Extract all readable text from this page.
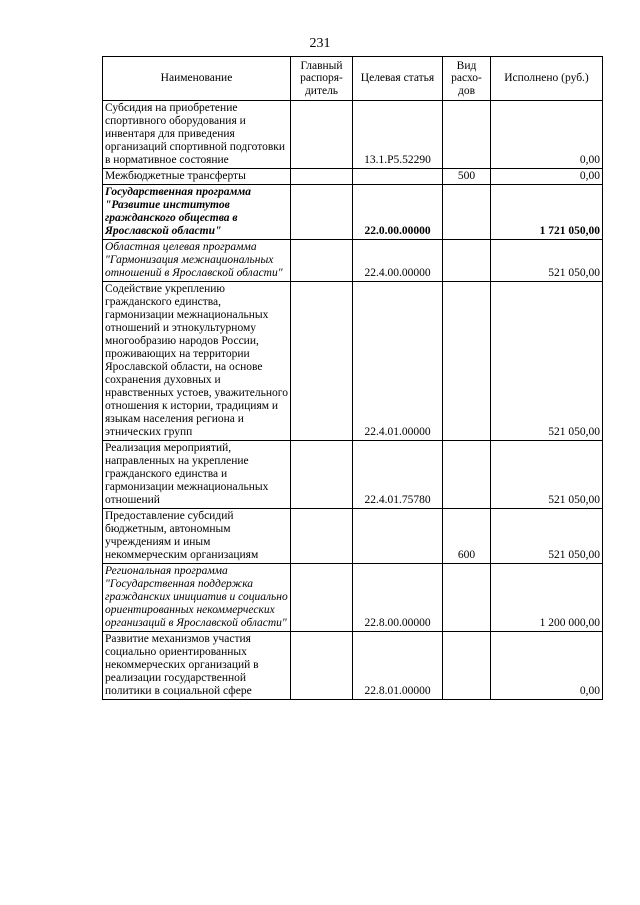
231
Наименование	Главный распоря-дитель	Целевая статья	Вид расхо-дов	Исполнено (руб.)
Субсидия на приобретение спортивного оборудования и инвентаря для приведения организаций спортивной подготовки в нормативное состояние		13.1.P5.52290		0,00
Межбюджетные трансферты			500	0,00
Государственная программа "Развитие институтов гражданского общества в Ярославской области"		22.0.00.00000		1 721 050,00
Областная целевая программа "Гармонизация межнациональных отношений в Ярославской области"		22.4.00.00000		521 050,00
Содействие укреплению гражданского единства, гармонизации межнациональных отношений и этнокультурному многообразию народов России, проживающих на территории Ярославской области, на основе сохранения духовных и нравственных устоев, уважительного отношения к истории, традициям и языкам населения региона и этнических групп		22.4.01.00000		521 050,00
Реализация мероприятий, направленных на укрепление гражданского единства и гармонизации межнациональных отношений		22.4.01.75780		521 050,00
Предоставление субсидий бюджетным, автономным учреждениям и иным некоммерческим организациям			600	521 050,00
Региональная программа "Государственная поддержка гражданских инициатив и социально ориентированных некоммерческих организаций в Ярославской области"		22.8.00.00000		1 200 000,00
Развитие механизмов участия социально ориентированных некоммерческих организаций в реализации государственной политики в социальной сфере		22.8.01.00000		0,00
